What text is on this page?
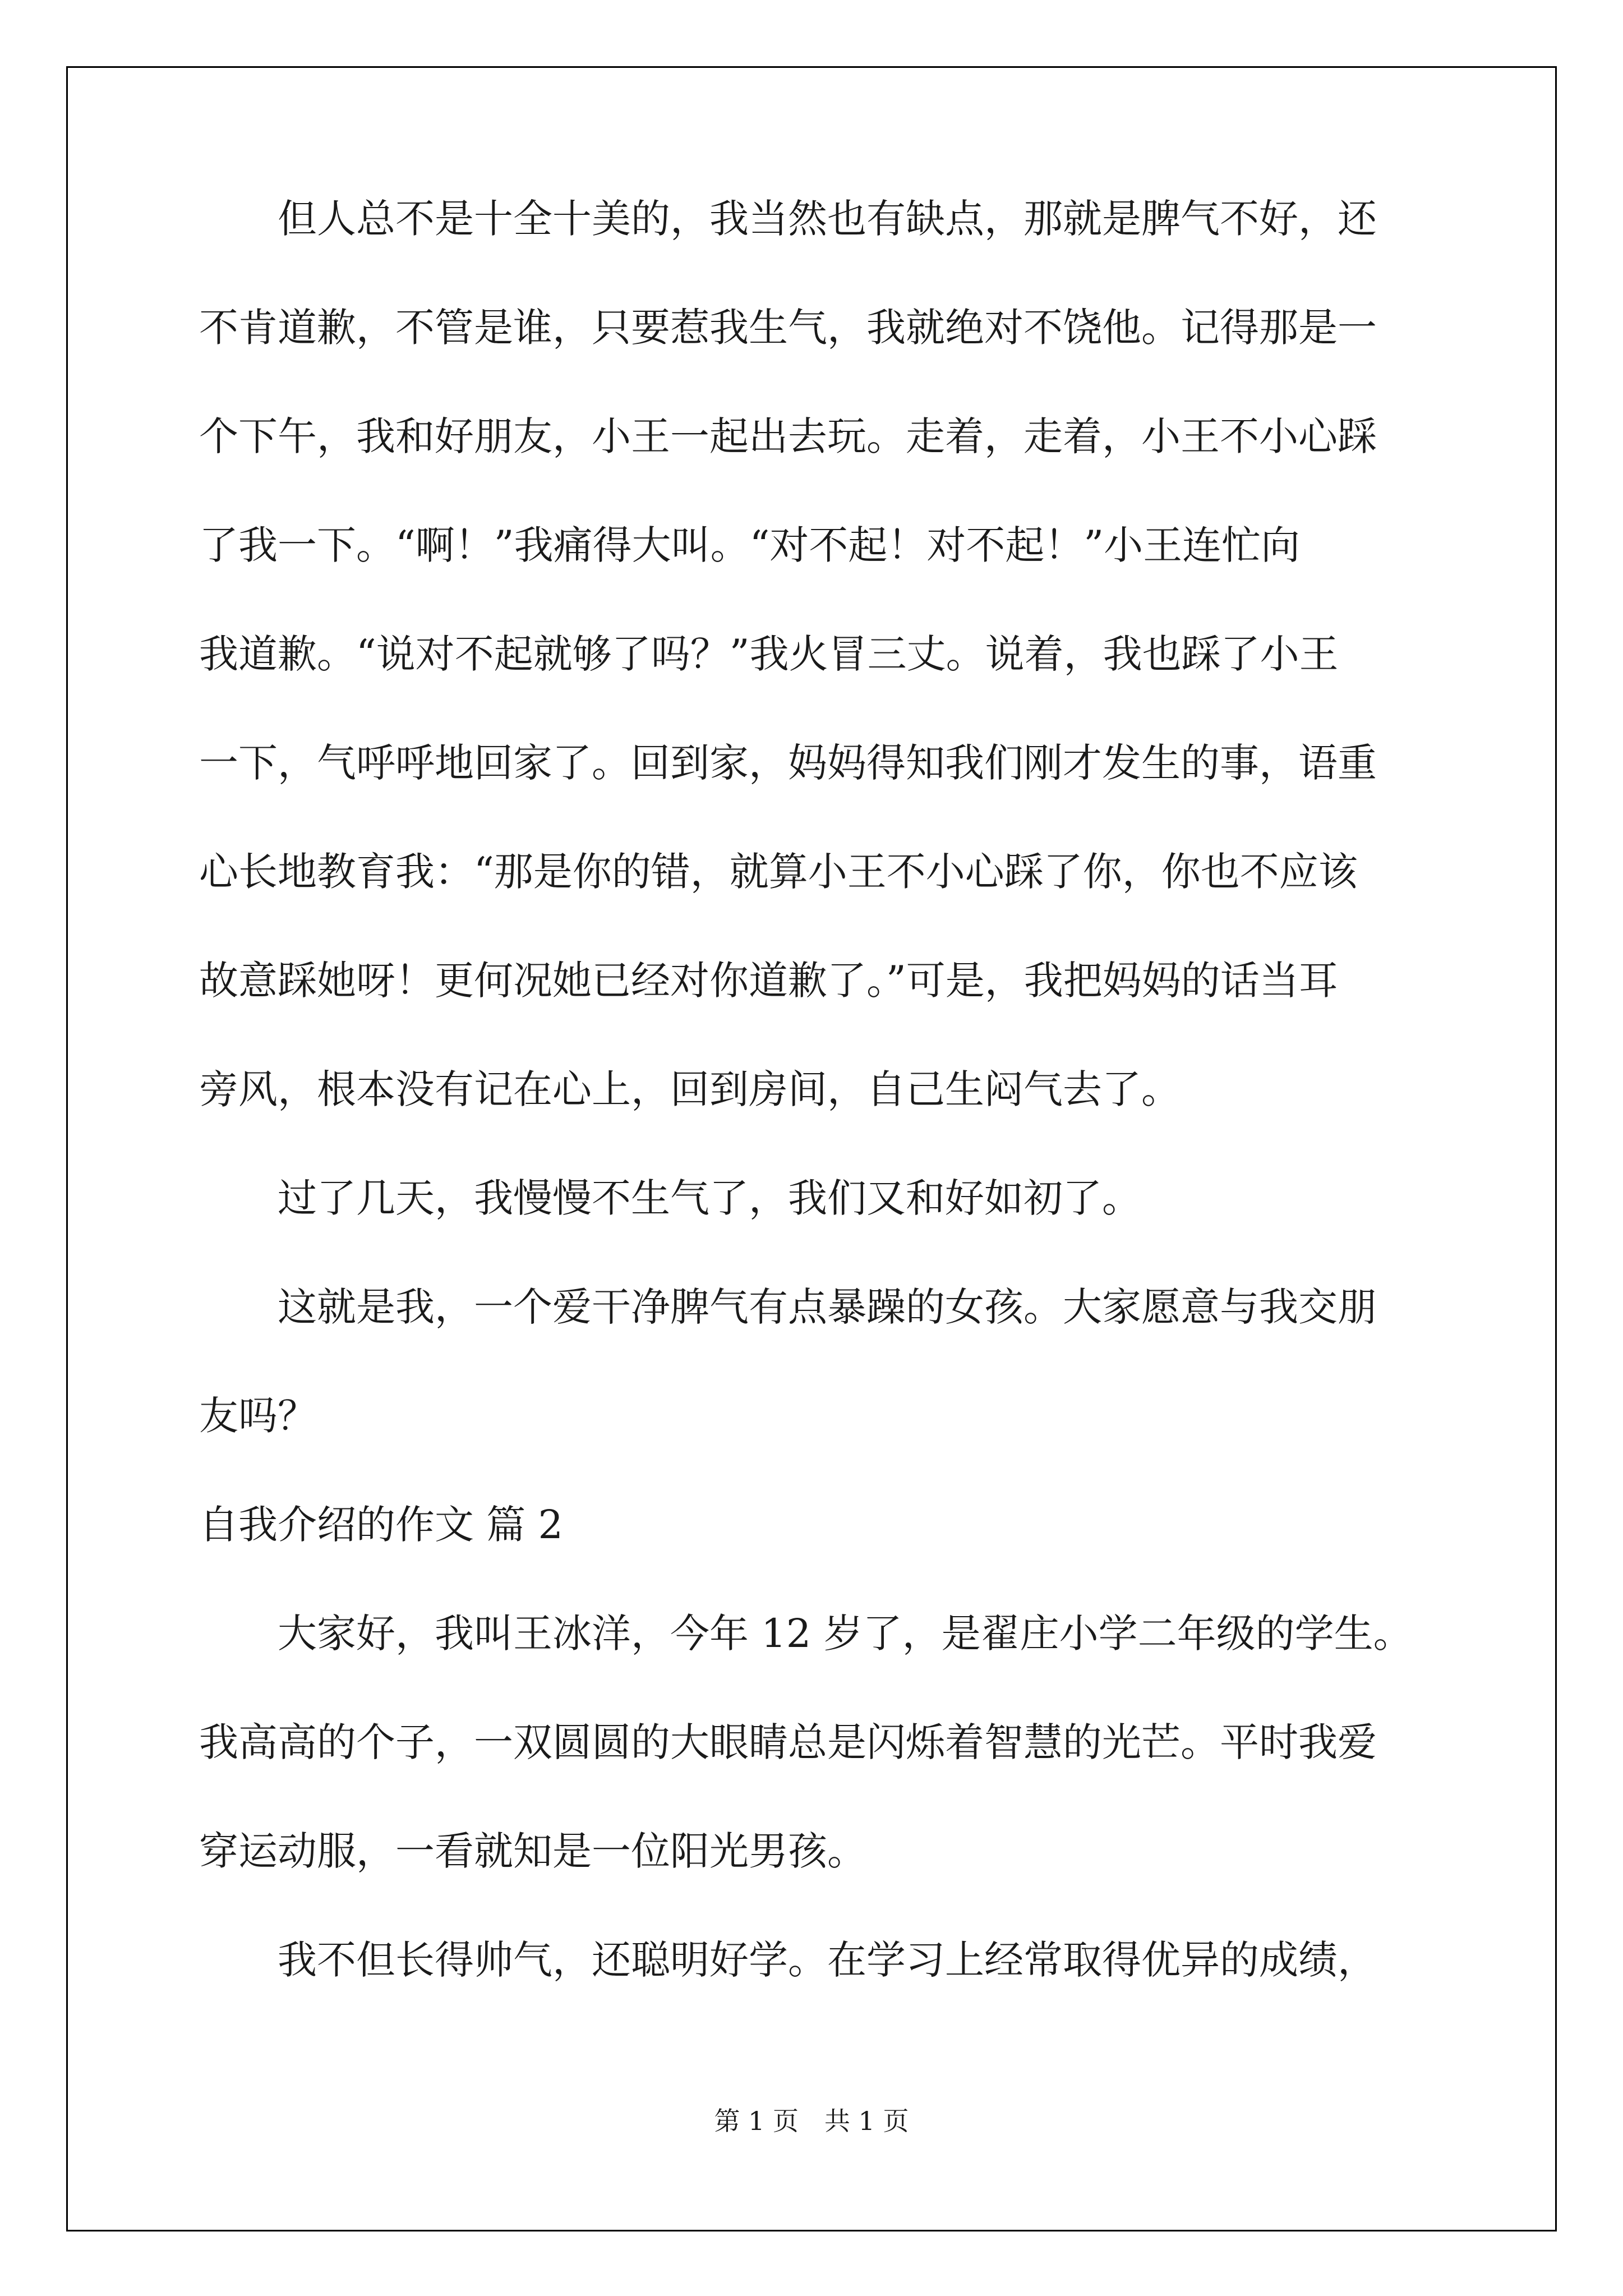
但人总不是十全十美的，我当然也有缺点，那就是脾气不好，还
不肯道歉，不管是谁，只要惹我生气，我就绝对不饶他。记得那是一
个下午，我和好朋友，小王一起出去玩。走着，走着，小王不小心踩
了我一下。“啊！”我痛得大叫。“对不起！对不起！”小王连忙向
我道歉。“说对不起就够了吗？”我火冒三丈。说着，我也踩了小王
一下，气呼呼地回家了。回到家，妈妈得知我们刚才发生的事，语重
心长地教育我：“那是你的错，就算小王不小心踩了你，你也不应该
故意踩她呀！更何况她已经对你道歉了。”可是，我把妈妈的话当耳
旁风，根本没有记在心上，回到房间，自己生闷气去了。
过了几天，我慢慢不生气了，我们又和好如初了。
这就是我，一个爱干净脾气有点暴躁的女孩。大家愿意与我交朋
友吗？
自我介绍的作文 篇 2
大家好，我叫王冰洋，今年 12 岁了，是翟庄小学二年级的学生。
我高高的个子，一双圆圆的大眼睛总是闪烁着智慧的光芒。平时我爱
穿运动服，一看就知是一位阳光男孩。
我不但长得帅气，还聪明好学。在学习上经常取得优异的成绩，
第 1 页　共 1 页
